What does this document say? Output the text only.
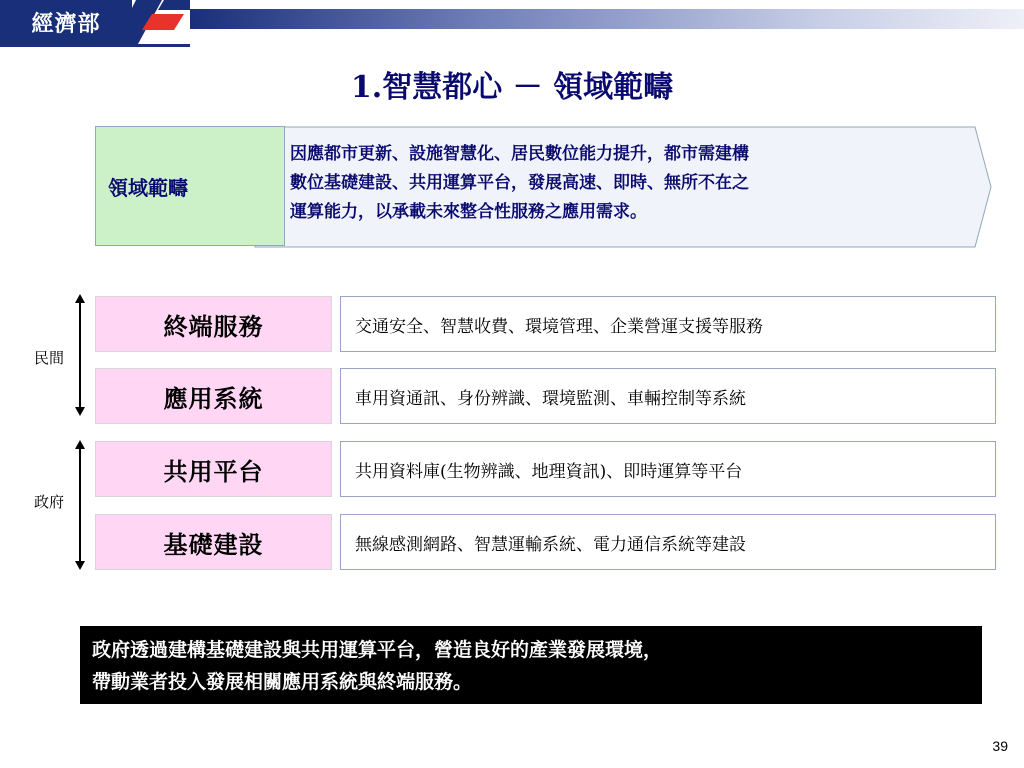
經濟部
1.智慧都心 － 領域範疇
領域範疇
因應都市更新、設施智慧化、居民數位能力提升，都市需建構
數位基礎建設、共用運算平台，發展高速、即時、無所不在之
運算能力，以承載未來整合性服務之應用需求。
民間
政府
終端服務	交通安全、智慧收費、環境管理、企業營運支援等服務
應用系統	車用資通訊、身份辨識、環境監測、車輛控制等系統
共用平台	共用資料庫(生物辨識、地理資訊)、即時運算等平台
基礎建設	無線感測網路、智慧運輸系統、電力通信系統等建設
政府透過建構基礎建設與共用運算平台，營造良好的產業發展環境，
帶動業者投入發展相關應用系統與終端服務。
39
